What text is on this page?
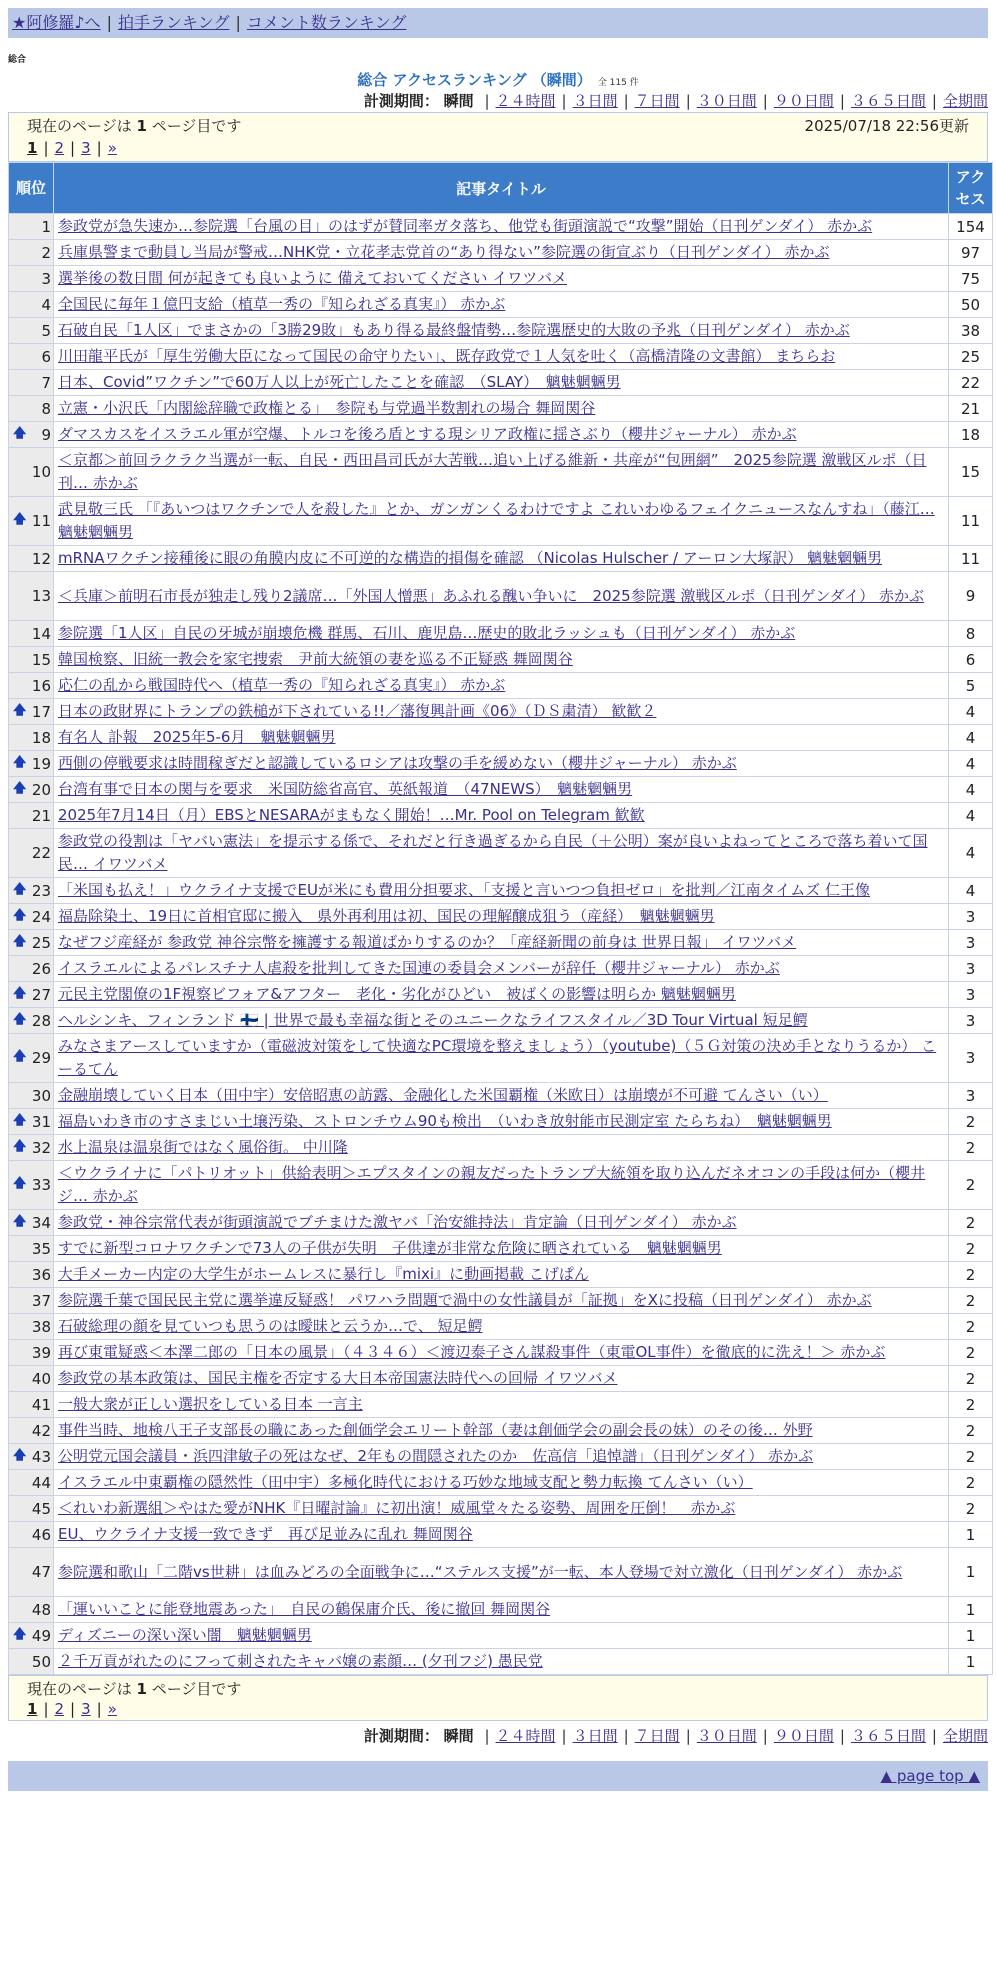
★阿修羅♪へ | 拍手ランキング | コメント数ランキング
総合
総合 アクセスランキング （瞬間） 全 115 件
計測期間： 瞬間 | ２４時間 | ３日間 | ７日間 | ３０日間 | ９０日間 | ３６５日間 | 全期間
現在のページは 1 ページ目です	2025/07/18 22:56更新
1 | 2 | 3 | »
順位	記事タイトル	アクセス
1	参政党が急失速か…参院選「台風の目」のはずが賛同率ガタ落ち、他党も街頭演説で“攻撃”開始（日刊ゲンダイ） 赤かぶ	154
2	兵庫県警まで動員し当局が警戒…NHK党・立花孝志党首の“あり得ない”参院選の街宣ぶり（日刊ゲンダイ） 赤かぶ	97
3	選挙後の数日間 何が起きても良いように 備えておいてください イワツバメ	75
4	全国民に毎年１億円支給（植草一秀の『知られざる真実』） 赤かぶ	50
5	石破自民「1人区」でまさかの「3勝29敗」もあり得る最終盤情勢…参院選歴史的大敗の予兆（日刊ゲンダイ） 赤かぶ	38
6	川田龍平氏が「厚生労働大臣になって国民の命守りたい」、既存政党で１人気を吐く（高橋清隆の文書館） まちらお	25
7	日本、Covid”ワクチン”で60万人以上が死亡したことを確認　（SLAY）　魑魅魍魎男	22
8	立憲・小沢氏「内閣総辞職で政権とる」　参院も与党過半数割れの場合 舞岡関谷	21

🡅 9	ダマスカスをイスラエル軍が空爆、トルコを後ろ盾とする現シリア政権に揺さぶり（櫻井ジャーナル） 赤かぶ	18
10	＜京都＞前回ラクラク当選が一転、自民・西田昌司氏が大苦戦…追い上げる維新・共産が“包囲網”　2025参院選 激戦区ルポ（日刊… 赤かぶ	15

🡅 11	武見敬三氏 「『あいつはワクチンで人を殺した』とか、ガンガンくるわけですよ これいわゆるフェイクニュースなんすね」（藤江… 魑魅魍魎男	11
12	mRNAワクチン接種後に眼の角膜内皮に不可逆的な構造的損傷を確認 （Nicolas Hulscher / アーロン大塚訳） 魑魅魍魎男	11
13	＜兵庫＞前明石市長が独走し残り2議席…「外国人憎悪」あふれる醜い争いに　2025参院選 激戦区ルポ（日刊ゲンダイ） 赤かぶ	9
14	参院選「1人区」自民の牙城が崩壊危機 群馬、石川、鹿児島…歴史的敗北ラッシュも（日刊ゲンダイ） 赤かぶ	8
15	韓国検察、旧統一教会を家宅捜索　尹前大統領の妻を巡る不正疑惑 舞岡関谷	6
16	応仁の乱から戦国時代へ（植草一秀の『知られざる真実』） 赤かぶ	5

🡅 17	日本の政財界にトランプの鉄槌が下されている!!／藩復興計画《06》（ＤＳ粛清） 歓歓２	4
18	有名人 訃報　2025年5-6月　魑魅魍魎男	4

🡅 19	西側の停戦要求は時間稼ぎだと認識しているロシアは攻撃の手を緩めない（櫻井ジャーナル） 赤かぶ	4

🡅 20	台湾有事で日本の関与を要求　米国防総省高官、英紙報道　（47NEWS）　魑魅魍魎男	4
21	2025年7月14日（月）EBSとNESARAがまもなく開始！…Mr. Pool on Telegram 歓歓	4
22	参政党の役割は「ヤバい憲法」を提示する係で、それだと行き過ぎるから自民（＋公明）案が良いよねってところで落ち着いて国民… イワツバメ	4

🡅 23	「米国も払え！」ウクライナ支援でEUが米にも費用分担要求、「支援と言いつつ負担ゼロ」を批判／江南タイムズ 仁王像	4

🡅 24	福島除染土、19日に首相官邸に搬入　県外再利用は初、国民の理解醸成狙う（産経）　魑魅魍魎男	3

🡅 25	なぜフジ産経が 参政党 神谷宗幣を擁護する報道ばかりするのか？「産経新聞の前身は 世界日報」 イワツバメ	3
26	イスラエルによるパレスチナ人虐殺を批判してきた国連の委員会メンバーが辞任（櫻井ジャーナル） 赤かぶ	3

🡅 27	元民主党閣僚の1F視察ビフォア&アフター　老化・劣化がひどい　被ばくの影響は明らか 魑魅魍魎男	3

🡅 28	ヘルシンキ、フィンランド 🇫🇮 | 世界で最も幸福な街とそのユニークなライフスタイル／3D Tour Virtual 短足鰐	3

🡅 29	みなさまアースしていますか（電磁波対策をして快適なPC環境を整えましょう）（youtube)（５Ｇ対策の決め手となりうるか） こーるてん	3
30	金融崩壊していく日本（田中宇）安倍昭恵の訪露、金融化した米国覇権（米欧日）は崩壊が不可避 てんさい（い）	3

🡅 31	福島いわき市のすさまじい土壌汚染、ストロンチウム90も検出　（いわき放射能市民測定室 たらちね）　魑魅魍魎男	2

🡅 32	水上温泉は温泉街ではなく風俗街。 中川隆	2

🡅 33	＜ウクライナに「パトリオット」供給表明＞エプスタインの親友だったトランプ大統領を取り込んだネオコンの手段は何か（櫻井ジ… 赤かぶ	2

🡅 34	参政党・神谷宗常代表が街頭演説でブチまけた激ヤバ「治安維持法」肯定論（日刊ゲンダイ） 赤かぶ	2
35	すでに新型コロナワクチンで73人の子供が失明　子供達が非常な危険に晒されている　魑魅魍魎男	2
36	大手メーカー内定の大学生がホームレスに暴行し『mixi』に動画掲載 こげぱん	2
37	参院選千葉で国民民主党に選挙違反疑惑！ パワハラ問題で渦中の女性議員が「証拠」をXに投稿（日刊ゲンダイ） 赤かぶ	2
38	石破総理の顔を見ていつも思うのは曖昧と云うか…で、 短足鰐	2
39	再び東電疑惑＜本澤二郎の「日本の風景」（４３４６）＜渡辺泰子さん謀殺事件（東電OL事件）を徹底的に洗え！＞ 赤かぶ	2
40	参政党の基本政策は、国民主権を否定する大日本帝国憲法時代への回帰 イワツバメ	2
41	一般大衆が正しい選択をしている日本 一言主	2
42	事件当時、地検八王子支部長の職にあった創価学会エリート幹部（妻は創価学会の副会長の妹）のその後… 外野	2

🡅 43	公明党元国会議員・浜四津敏子の死はなぜ、2年もの間隠されたのか　佐高信「追悼譜」（日刊ゲンダイ） 赤かぶ	2
44	イスラエル中東覇権の隠然性（田中宇）多極化時代における巧妙な地域支配と勢力転換 てんさい（い）	2
45	＜れいわ新選組＞やはた愛がNHK『日曜討論』に初出演！威風堂々たる姿勢、周囲を圧倒！　赤かぶ	2
46	EU、ウクライナ支援一致できず　再び足並みに乱れ 舞岡関谷	1
47	参院選和歌山「二階vs世耕」は血みどろの全面戦争に…“ステルス支援”が一転、本人登場で対立激化（日刊ゲンダイ） 赤かぶ	1
48	「運いいことに能登地震あった」　自民の鶴保庸介氏、後に撤回 舞岡関谷	1

🡅 49	ディズニーの深い深い闇　魑魅魍魎男	1
50	２千万貢がれたのにフって刺されたキャバ嬢の素顔… (夕刊フジ) 愚民党	1
現在のページは 1 ページ目です
1 | 2 | 3 | »
計測期間： 瞬間 | ２４時間 | ３日間 | ７日間 | ３０日間 | ９０日間 | ３６５日間 | 全期間
▲ page top ▲
